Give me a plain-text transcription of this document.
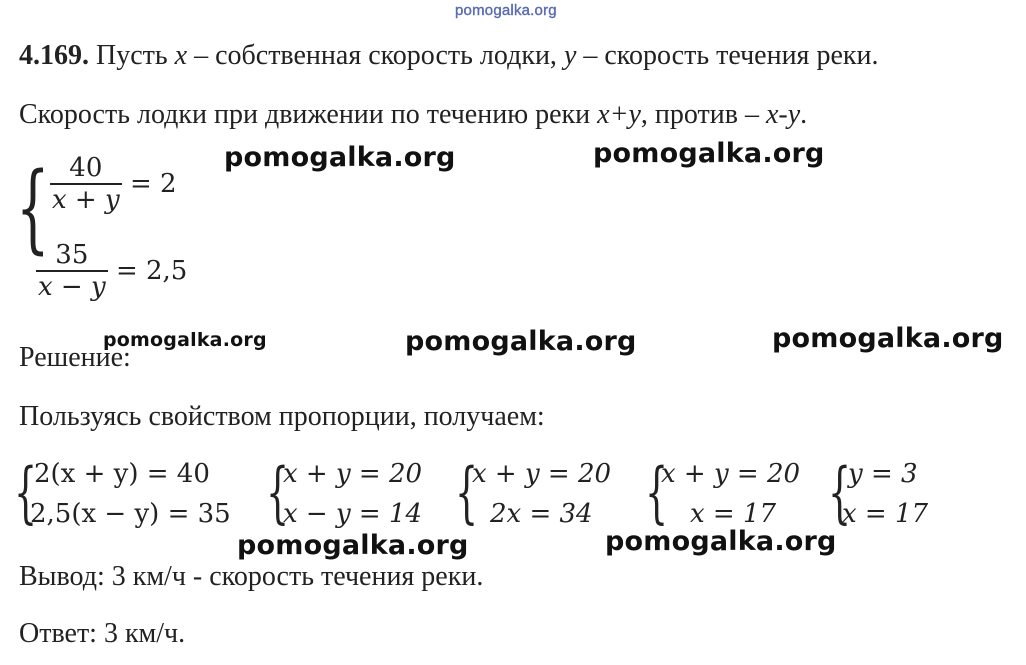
pomogalka.org
4.169. Пусть x – собственная скорость лодки, y – скорость течения реки.
Скорость лодки при движении по течению реки x+y, против – x-y.
pomogalka.org	pomogalka.org
{ $\frac{40}{x + y} = 2$
$\frac{35}{x - y} = 2,5$
pomogalka.org	pomogalka.org	pomogalka.org
Решение:
Пользуясь свойством пропорции, получаем:
{
2(x + y) = 40
2,5(x − y) = 35 {
x + y = 20
x − y = 14 {
x + y = 20
2x = 34 {
x + y = 20
x = 17 {
y = 3
x = 17
pomogalka.org	pomogalka.org
Вывод: 3 км/ч - скорость течения реки.
Ответ: 3 км/ч.
